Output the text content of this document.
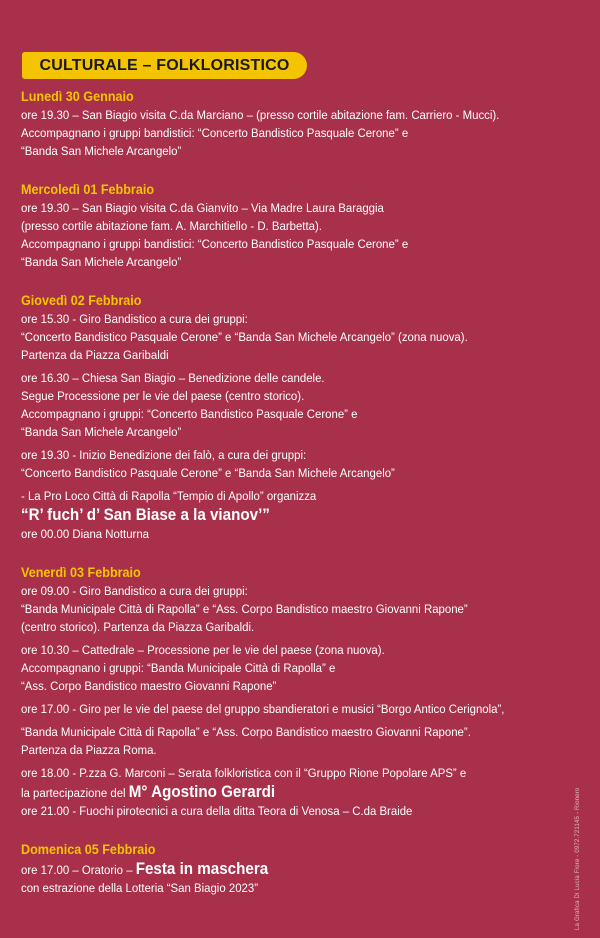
CULTURALE – FOLKLORISTICO
Lunedì 30 Gennaio
ore 19.30 – San Biagio visita C.da Marciano – (presso cortile abitazione fam. Carriero - Mucci).
Accompagnano i gruppi bandistici: “Concerto Bandistico Pasquale Cerone” e
“Banda San Michele Arcangelo”
Mercoledì 01 Febbraio
ore 19.30 – San Biagio visita C.da Gianvito – Via Madre Laura Baraggia
(presso cortile abitazione fam. A. Marchitiello - D. Barbetta).
Accompagnano i gruppi bandistici: “Concerto Bandistico Pasquale Cerone” e
“Banda San Michele Arcangelo”
Giovedì 02 Febbraio
ore 15.30 - Giro Bandistico a cura dei gruppi:
“Concerto Bandistico Pasquale Cerone” e “Banda San Michele Arcangelo” (zona nuova).
Partenza da Piazza Garibaldi
ore 16.30 – Chiesa San Biagio – Benedizione delle candele.
Segue Processione per le vie del paese (centro storico).
Accompagnano i gruppi: “Concerto Bandistico Pasquale Cerone” e
“Banda San Michele Arcangelo”
ore 19.30 - Inizio Benedizione dei falò, a cura dei gruppi:
“Concerto Bandistico Pasquale Cerone” e “Banda San Michele Arcangelo”
- La Pro Loco Città di Rapolla “Tempio di Apollo” organizza
“R’ fuch’ d’ San Biase a la vianov’”
ore 00.00 Diana Notturna
Venerdì 03 Febbraio
ore 09.00 - Giro Bandistico a cura dei gruppi:
“Banda Municipale Città di Rapolla” e “Ass. Corpo Bandistico maestro Giovanni Rapone”
(centro storico). Partenza da Piazza Garibaldi.
ore 10.30 – Cattedrale – Processione per le vie del paese (zona nuova).
Accompagnano i gruppi: “Banda Municipale Città di Rapolla” e
“Ass. Corpo Bandistico maestro Giovanni Rapone”
ore 17.00 - Giro per le vie del paese del gruppo sbandieratori e musici “Borgo Antico Cerignola”,
“Banda Municipale Città di Rapolla” e “Ass. Corpo Bandistico maestro Giovanni Rapone”.
Partenza da Piazza Roma.
ore 18.00 - P.zza G. Marconi – Serata folkloristica con il “Gruppo Rione Popolare APS” e
la partecipazione del M° Agostino Gerardi
ore 21.00 - Fuochi pirotecnici a cura della ditta Teora di Venosa – C.da Braide
Domenica 05 Febbraio
ore 17.00 – Oratorio – Festa in maschera
con estrazione della Lotteria “San Biagio 2023”	La Grafica Di Lucia Fiore - 0972.721145 - Rionero
